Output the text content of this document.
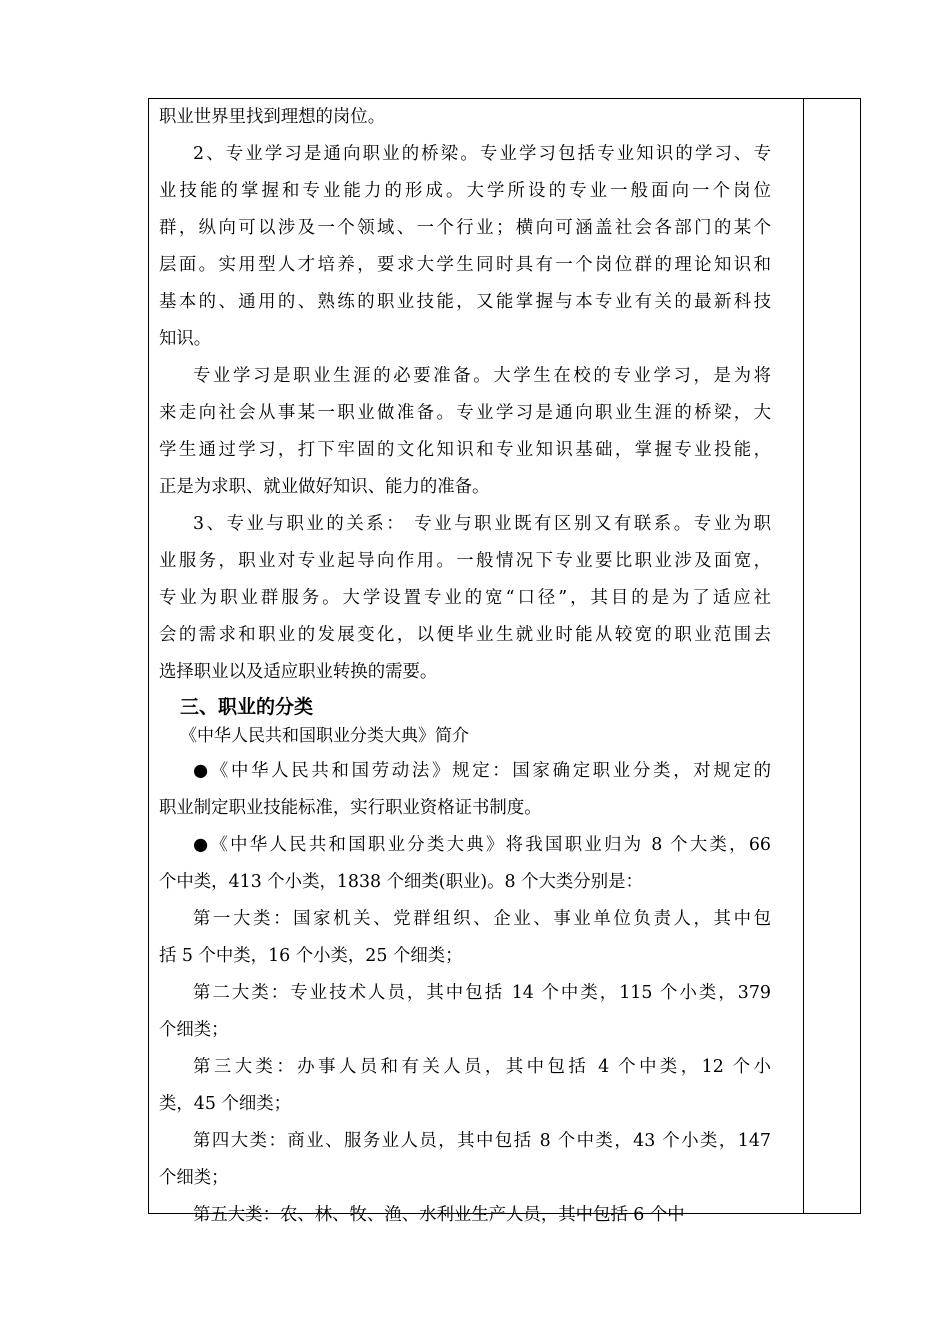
职业世界里找到理想的岗位。
2、专业学习是通向职业的桥梁。专业学习包括专业知识的学习、专
业技能的掌握和专业能力的形成。大学所设的专业一般面向一个岗位
群，纵向可以涉及一个领域、一个行业；横向可涵盖社会各部门的某个
层面。实用型人才培养，要求大学生同时具有一个岗位群的理论知识和
基本的、通用的、熟练的职业技能，又能掌握与本专业有关的最新科技
知识。
专业学习是职业生涯的必要准备。大学生在校的专业学习，是为将
来走向社会从事某一职业做准备。专业学习是通向职业生涯的桥梁，大
学生通过学习，打下牢固的文化知识和专业知识基础，掌握专业投能，
正是为求职、就业做好知识、能力的准备。
3、专业与职业的关系： 专业与职业既有区别又有联系。专业为职
业服务，职业对专业起导向作用。一般情况下专业要比职业涉及面宽，
专业为职业群服务。大学设置专业的宽“口径”，其目的是为了适应社
会的需求和职业的发展变化，以便毕业生就业时能从较宽的职业范围去
选择职业以及适应职业转换的需要。
三、职业的分类
《中华人民共和国职业分类大典》简介
●《中华人民共和国劳动法》规定：国家确定职业分类，对规定的
职业制定职业技能标准，实行职业资格证书制度。
●《中华人民共和国职业分类大典》将我国职业归为 8 个大类，66
个中类，413 个小类，1838 个细类(职业)。8 个大类分别是：
第一大类：国家机关、党群组织、企业、事业单位负责人，其中包
括 5 个中类，16 个小类，25 个细类；
第二大类：专业技术人员，其中包括 14 个中类，115 个小类，379
个细类；
第三大类：办事人员和有关人员，其中包括 4 个中类，12 个小
类，45 个细类；
第四大类：商业、服务业人员，其中包括 8 个中类，43 个小类，147
个细类；
第五大类：农、林、牧、渔、水利业生产人员，其中包括 6 个中
